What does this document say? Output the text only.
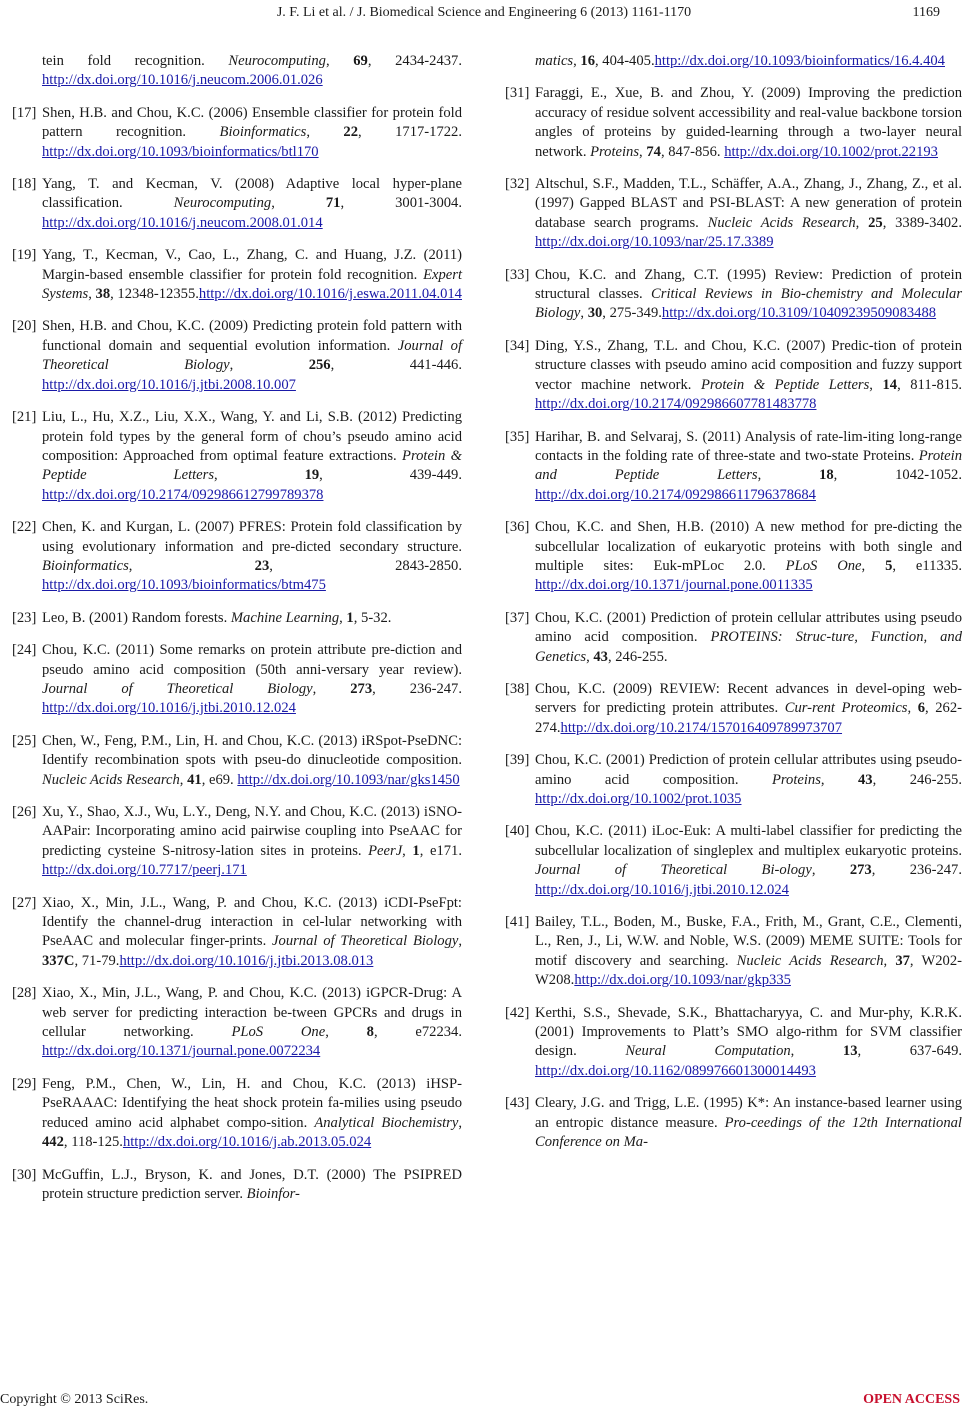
J. F. Li et al. / J. Biomedical Science and Engineering 6 (2013) 1161-1170	1169
tein fold recognition. Neurocomputing, 69, 2434-2437.http://dx.doi.org/10.1016/j.neucom.2006.01.026
[17] Shen, H.B. and Chou, K.C. (2006) Ensemble classifier for protein fold pattern recognition. Bioinformatics, 22, 1717-1722.http://dx.doi.org/10.1093/bioinformatics/btl170
[18] Yang, T. and Kecman, V. (2008) Adaptive local hyper-plane classification. Neurocomputing, 71, 3001-3004.http://dx.doi.org/10.1016/j.neucom.2008.01.014
[19] Yang, T., Kecman, V., Cao, L., Zhang, C. and Huang, J.Z. (2011) Margin-based ensemble classifier for protein fold recognition. Expert Systems, 38, 12348-12355.http://dx.doi.org/10.1016/j.eswa.2011.04.014
[20] Shen, H.B. and Chou, K.C. (2009) Predicting protein fold pattern with functional domain and sequential evolution information. Journal of Theoretical Biology, 256, 441-446. http://dx.doi.org/10.1016/j.jtbi.2008.10.007
[21] Liu, L., Hu, X.Z., Liu, X.X., Wang, Y. and Li, S.B. (2012) Predicting protein fold types by the general form of chou’s pseudo amino acid composition: Approached from optimal feature extractions. Protein & Peptide Letters, 19, 439-449. http://dx.doi.org/10.2174/092986612799789378
[22] Chen, K. and Kurgan, L. (2007) PFRES: Protein fold classification by using evolutionary information and pre-dicted secondary structure. Bioinformatics, 23, 2843-2850. http://dx.doi.org/10.1093/bioinformatics/btm475
[23] Leo, B. (2001) Random forests. Machine Learning, 1, 5-32.
[24] Chou, K.C. (2011) Some remarks on protein attribute pre-diction and pseudo amino acid composition (50th anni-versary year review). Journal of Theoretical Biology, 273, 236-247. http://dx.doi.org/10.1016/j.jtbi.2010.12.024
[25] Chen, W., Feng, P.M., Lin, H. and Chou, K.C. (2013) iRSpot-PseDNC: Identify recombination spots with pseu-do dinucleotide composition. Nucleic Acids Research, 41, e69. http://dx.doi.org/10.1093/nar/gks1450
[26] Xu, Y., Shao, X.J., Wu, L.Y., Deng, N.Y. and Chou, K.C. (2013) iSNO-AAPair: Incorporating amino acid pairwise coupling into PseAAC for predicting cysteine S-nitrosy-lation sites in proteins. PeerJ, 1, e171.http://dx.doi.org/10.7717/peerj.171
[27] Xiao, X., Min, J.L., Wang, P. and Chou, K.C. (2013) iCDI-PseFpt: Identify the channel-drug interaction in cel-lular networking with PseAAC and molecular finger-prints. Journal of Theoretical Biology, 337C, 71-79.http://dx.doi.org/10.1016/j.jtbi.2013.08.013
[28] Xiao, X., Min, J.L., Wang, P. and Chou, K.C. (2013) iGPCR-Drug: A web server for predicting interaction be-tween GPCRs and drugs in cellular networking. PLoS One, 8, e72234.http://dx.doi.org/10.1371/journal.pone.0072234
[29] Feng, P.M., Chen, W., Lin, H. and Chou, K.C. (2013) iHSP-PseRAAAC: Identifying the heat shock protein fa-milies using pseudo reduced amino acid alphabet compo-sition. Analytical Biochemistry, 442, 118-125.http://dx.doi.org/10.1016/j.ab.2013.05.024
[30] McGuffin, L.J., Bryson, K. and Jones, D.T. (2000) The PSIPRED protein structure prediction server. Bioinfor-
matics, 16, 404-405.http://dx.doi.org/10.1093/bioinformatics/16.4.404
[31] Faraggi, E., Xue, B. and Zhou, Y. (2009) Improving the prediction accuracy of residue solvent accessibility and real-value backbone torsion angles of proteins by guided-learning through a two-layer neural network. Proteins, 74, 847-856. http://dx.doi.org/10.1002/prot.22193
[32] Altschul, S.F., Madden, T.L., Schäffer, A.A., Zhang, J., Zhang, Z., et al. (1997) Gapped BLAST and PSI-BLAST: A new generation of protein database search programs. Nucleic Acids Research, 25, 3389-3402.http://dx.doi.org/10.1093/nar/25.17.3389
[33] Chou, K.C. and Zhang, C.T. (1995) Review: Prediction of protein structural classes. Critical Reviews in Bio-chemistry and Molecular Biology, 30, 275-349.http://dx.doi.org/10.3109/10409239509083488
[34] Ding, Y.S., Zhang, T.L. and Chou, K.C. (2007) Predic-tion of protein structure classes with pseudo amino acid composition and fuzzy support vector machine network. Protein & Peptide Letters, 14, 811-815.http://dx.doi.org/10.2174/092986607781483778
[35] Harihar, B. and Selvaraj, S. (2011) Analysis of rate-lim-iting long-range contacts in the folding rate of three-state and two-state Proteins. Protein and Peptide Letters, 18, 1042-1052.http://dx.doi.org/10.2174/092986611796378684
[36] Chou, K.C. and Shen, H.B. (2010) A new method for pre-dicting the subcellular localization of eukaryotic proteins with both single and multiple sites: Euk-mPLoc 2.0. PLoS One, 5, e11335.http://dx.doi.org/10.1371/journal.pone.0011335
[37] Chou, K.C. (2001) Prediction of protein cellular attributes using pseudo amino acid composition. PROTEINS: Struc-ture, Function, and Genetics, 43, 246-255.
[38] Chou, K.C. (2009) REVIEW: Recent advances in devel-oping web-servers for predicting protein attributes. Cur-rent Proteomics, 6, 262-274.http://dx.doi.org/10.2174/157016409789973707
[39] Chou, K.C. (2001) Prediction of protein cellular attributes using pseudo-amino acid composition. Proteins, 43, 246-255. http://dx.doi.org/10.1002/prot.1035
[40] Chou, K.C. (2011) iLoc-Euk: A multi-label classifier for predicting the subcellular localization of singleplex and multiplex eukaryotic proteins. Journal of Theoretical Bi-ology, 273, 236-247.http://dx.doi.org/10.1016/j.jtbi.2010.12.024
[41] Bailey, T.L., Boden, M., Buske, F.A., Frith, M., Grant, C.E., Clementi, L., Ren, J., Li, W.W. and Noble, W.S. (2009) MEME SUITE: Tools for motif discovery and searching. Nucleic Acids Research, 37, W202-W208.http://dx.doi.org/10.1093/nar/gkp335
[42] Kerthi, S.S., Shevade, S.K., Bhattacharyya, C. and Mur-phy, K.R.K. (2001) Improvements to Platt’s SMO algo-rithm for SVM classifier design. Neural Computation, 13, 637-649. http://dx.doi.org/10.1162/089976601300014493
[43] Cleary, J.G. and Trigg, L.E. (1995) K*: An instance-based learner using an entropic distance measure. Pro-ceedings of the 12th International Conference on Ma-
Copyright © 2013 SciRes.	OPEN ACCESS
